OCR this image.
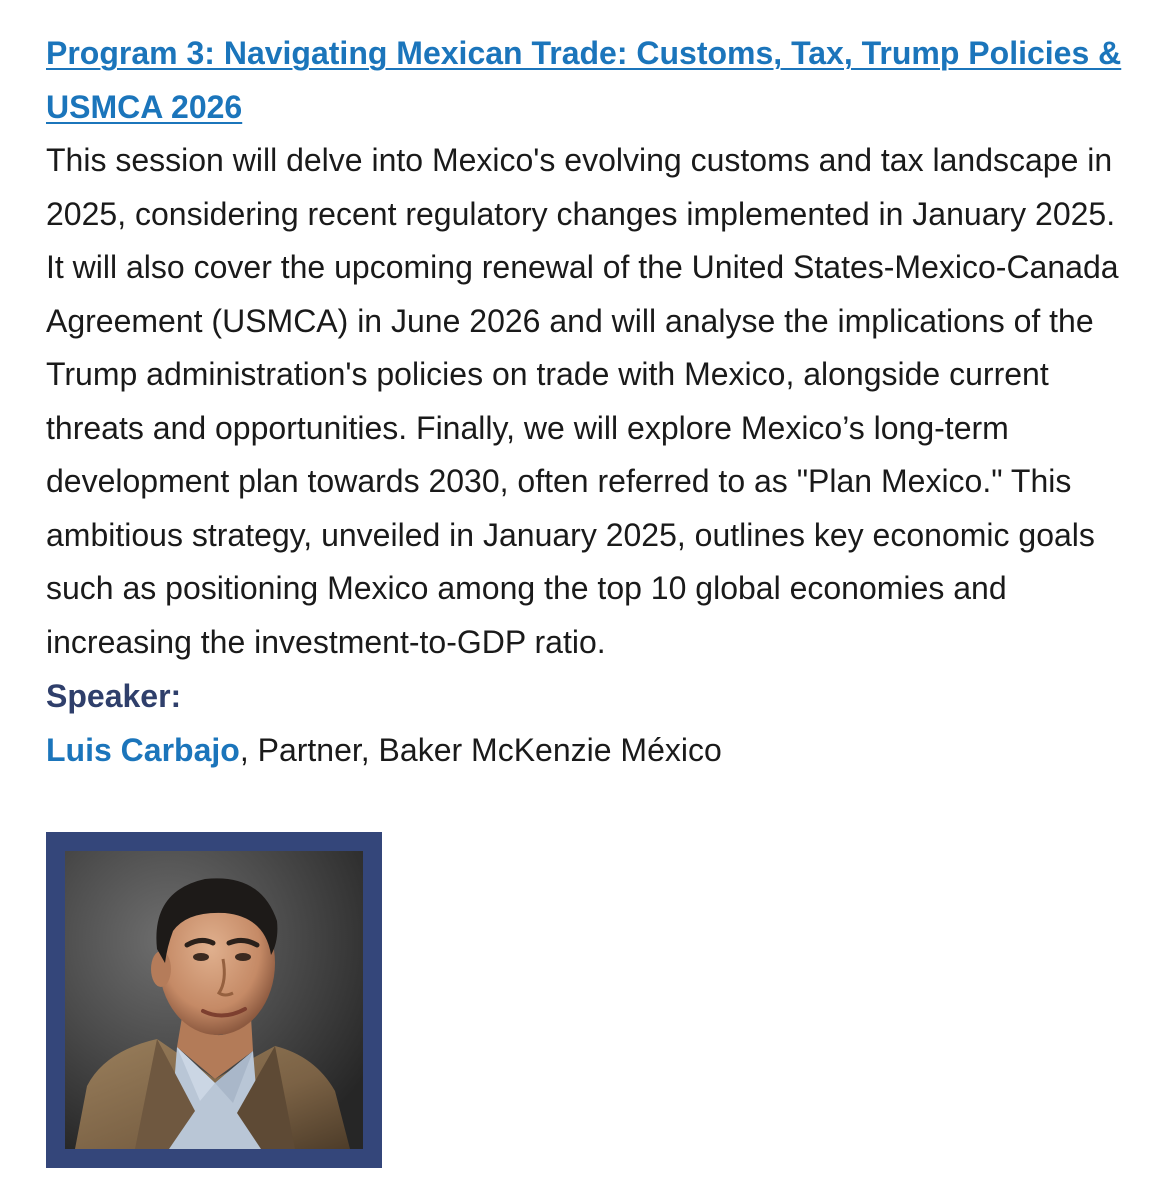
Program 3: Navigating Mexican Trade: Customs, Tax, Trump Policies & USMCA 2026

This session will delve into Mexico's evolving customs and tax landscape in 2025, considering recent regulatory changes implemented in January 2025. It will also cover the upcoming renewal of the United States-Mexico-Canada Agreement (USMCA) in June 2026 and will analyse the implications of the Trump administration's policies on trade with Mexico, alongside current threats and opportunities. Finally, we will explore Mexico’s long-term development plan towards 2030, often referred to as "Plan Mexico." This ambitious strategy, unveiled in January 2025, outlines key economic goals such as positioning Mexico among the top 10 global economies and increasing the investment-to-GDP ratio.

Speaker:

Luis Carbajo, Partner, Baker McKenzie México
